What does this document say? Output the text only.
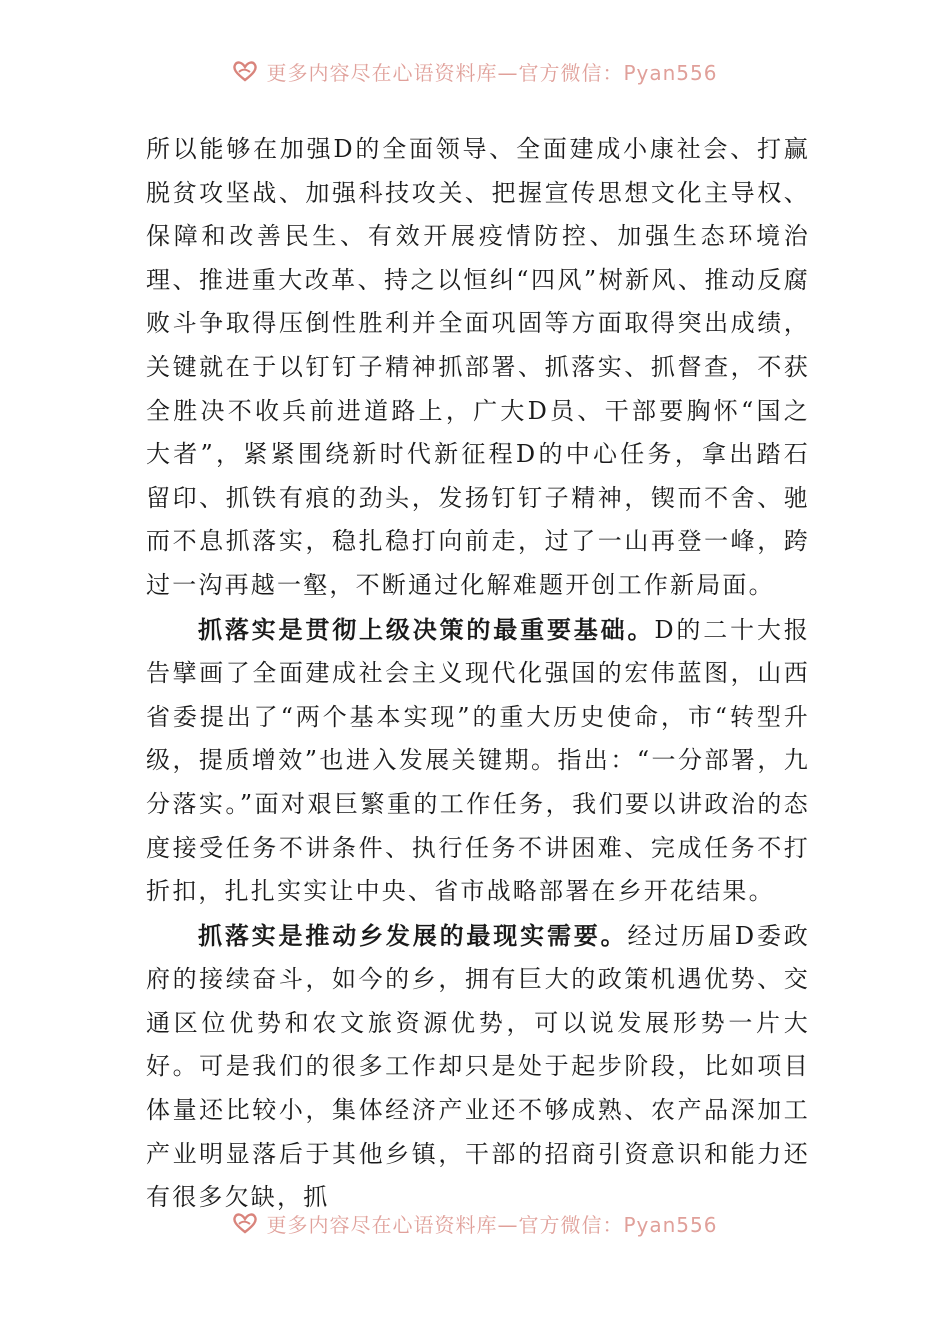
更多内容尽在心语资料库—官方微信：Pyan556

所以能够在加强D的全面领导、全面建成小康社会、打赢脱贫攻坚战、加强科技攻关、把握宣传思想文化主导权、保障和改善民生、有效开展疫情防控、加强生态环境治理、推进重大改革、持之以恒纠“四风”树新风、推动反腐败斗争取得压倒性胜利并全面巩固等方面取得突出成绩，关键就在于以钉钉子精神抓部署、抓落实、抓督查，不获全胜决不收兵前进道路上，广大D员、干部要胸怀“国之大者”，紧紧围绕新时代新征程D的中心任务，拿出踏石留印、抓铁有痕的劲头，发扬钉钉子精神，锲而不舍、驰而不息抓落实，稳扎稳打向前走，过了一山再登一峰，跨过一沟再越一壑，不断通过化解难题开创工作新局面。

抓落实是贯彻上级决策的最重要基础。D的二十大报告擘画了全面建成社会主义现代化强国的宏伟蓝图，山西省委提出了“两个基本实现”的重大历史使命，市“转型升级，提质增效”也进入发展关键期。指出：“一分部署，九分落实。”面对艰巨繁重的工作任务，我们要以讲政治的态度接受任务不讲条件、执行任务不讲困难、完成任务不打折扣，扎扎实实让中央、省市战略部署在乡开花结果。

抓落实是推动乡发展的最现实需要。经过历届D委政府的接续奋斗，如今的乡，拥有巨大的政策机遇优势、交通区位优势和农文旅资源优势，可以说发展形势一片大好。可是我们的很多工作却只是处于起步阶段，比如项目体量还比较小，集体经济产业还不够成熟、农产品深加工产业明显落后于其他乡镇，干部的招商引资意识和能力还有很多欠缺，抓

更多内容尽在心语资料库—官方微信：Pyan556
